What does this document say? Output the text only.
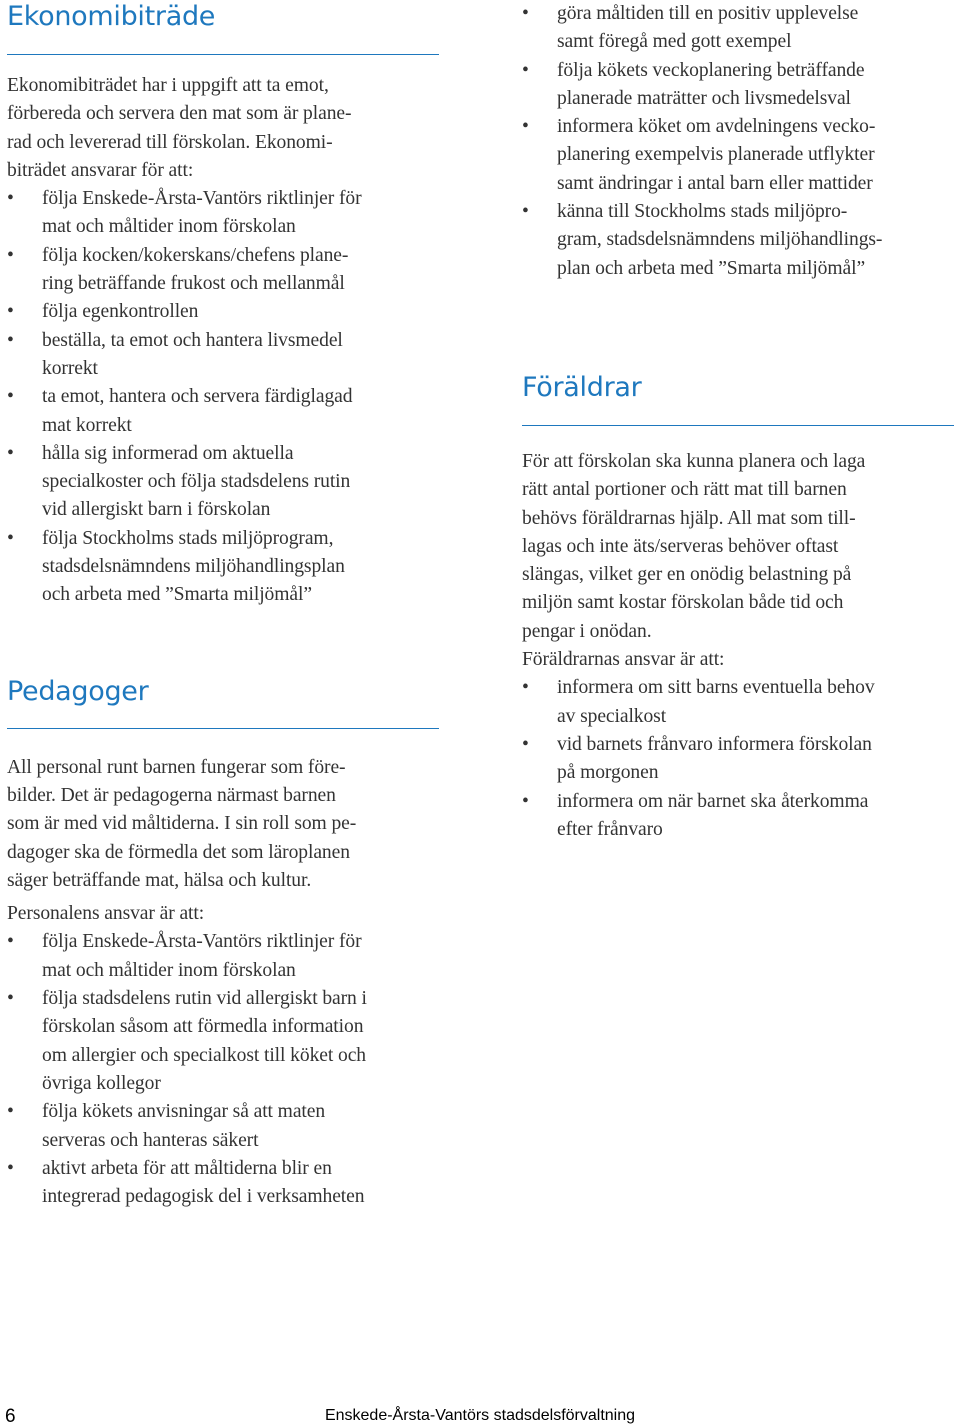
Ekonomibiträde
Ekonomibiträdet har i uppgift att ta emot,
förbereda och servera den mat som är plane-
rad och levererad till förskolan. Ekonomi-
biträdet ansvarar för att:
•	följa Enskede-Årsta-Vantörs riktlinjer för
mat och måltider inom förskolan
•	följa kocken/kokerskans/chefens plane-
ring beträffande frukost och mellanmål
•	följa egenkontrollen
•	beställa, ta emot och hantera livsmedel
korrekt
•	ta emot, hantera och servera färdiglagad
mat korrekt
•	hålla sig informerad om aktuella
specialkoster och följa stadsdelens rutin
vid allergiskt barn i förskolan
•	följa Stockholms stads miljöprogram,
stadsdelsnämndens miljöhandlingsplan
och arbeta med ”Smarta miljömål”
Pedagoger
All personal runt barnen fungerar som före-
bilder. Det är pedagogerna närmast barnen
som är med vid måltiderna. I sin roll som pe-
dagoger ska de förmedla det som läroplanen
säger beträffande mat, hälsa och kultur.
Personalens ansvar är att:
•	följa Enskede-Årsta-Vantörs riktlinjer för
mat och måltider inom förskolan
•	följa stadsdelens rutin vid allergiskt barn i
förskolan såsom att förmedla information
om allergier och specialkost till köket och
övriga kollegor
•	följa kökets anvisningar så att maten
serveras och hanteras säkert
•	aktivt arbeta för att måltiderna blir en
integrerad pedagogisk del i verksamheten
•	göra måltiden till en positiv upplevelse
samt föregå med gott exempel
•	följa kökets veckoplanering beträffande
planerade maträtter och livsmedelsval
•	informera köket om avdelningens vecko-
planering exempelvis planerade utflykter
samt ändringar i antal barn eller mattider
•	känna till Stockholms stads miljöpro-
gram, stadsdelsnämndens miljöhandlings-
plan och arbeta med ”Smarta miljömål”
Föräldrar
För att förskolan ska kunna planera och laga
rätt antal portioner och rätt mat till barnen
behövs föräldrarnas hjälp. All mat som till-
lagas och inte äts/serveras behöver oftast
slängas, vilket ger en onödig belastning på
miljön samt kostar förskolan både tid och
pengar i onödan.
Föräldrarnas ansvar är att:
•	informera om sitt barns eventuella behov
av specialkost
•	vid barnets frånvaro informera förskolan
på morgonen
•	informera om när barnet ska återkomma
efter frånvaro
6	Enskede-Årsta-Vantörs stadsdelsförvaltning
